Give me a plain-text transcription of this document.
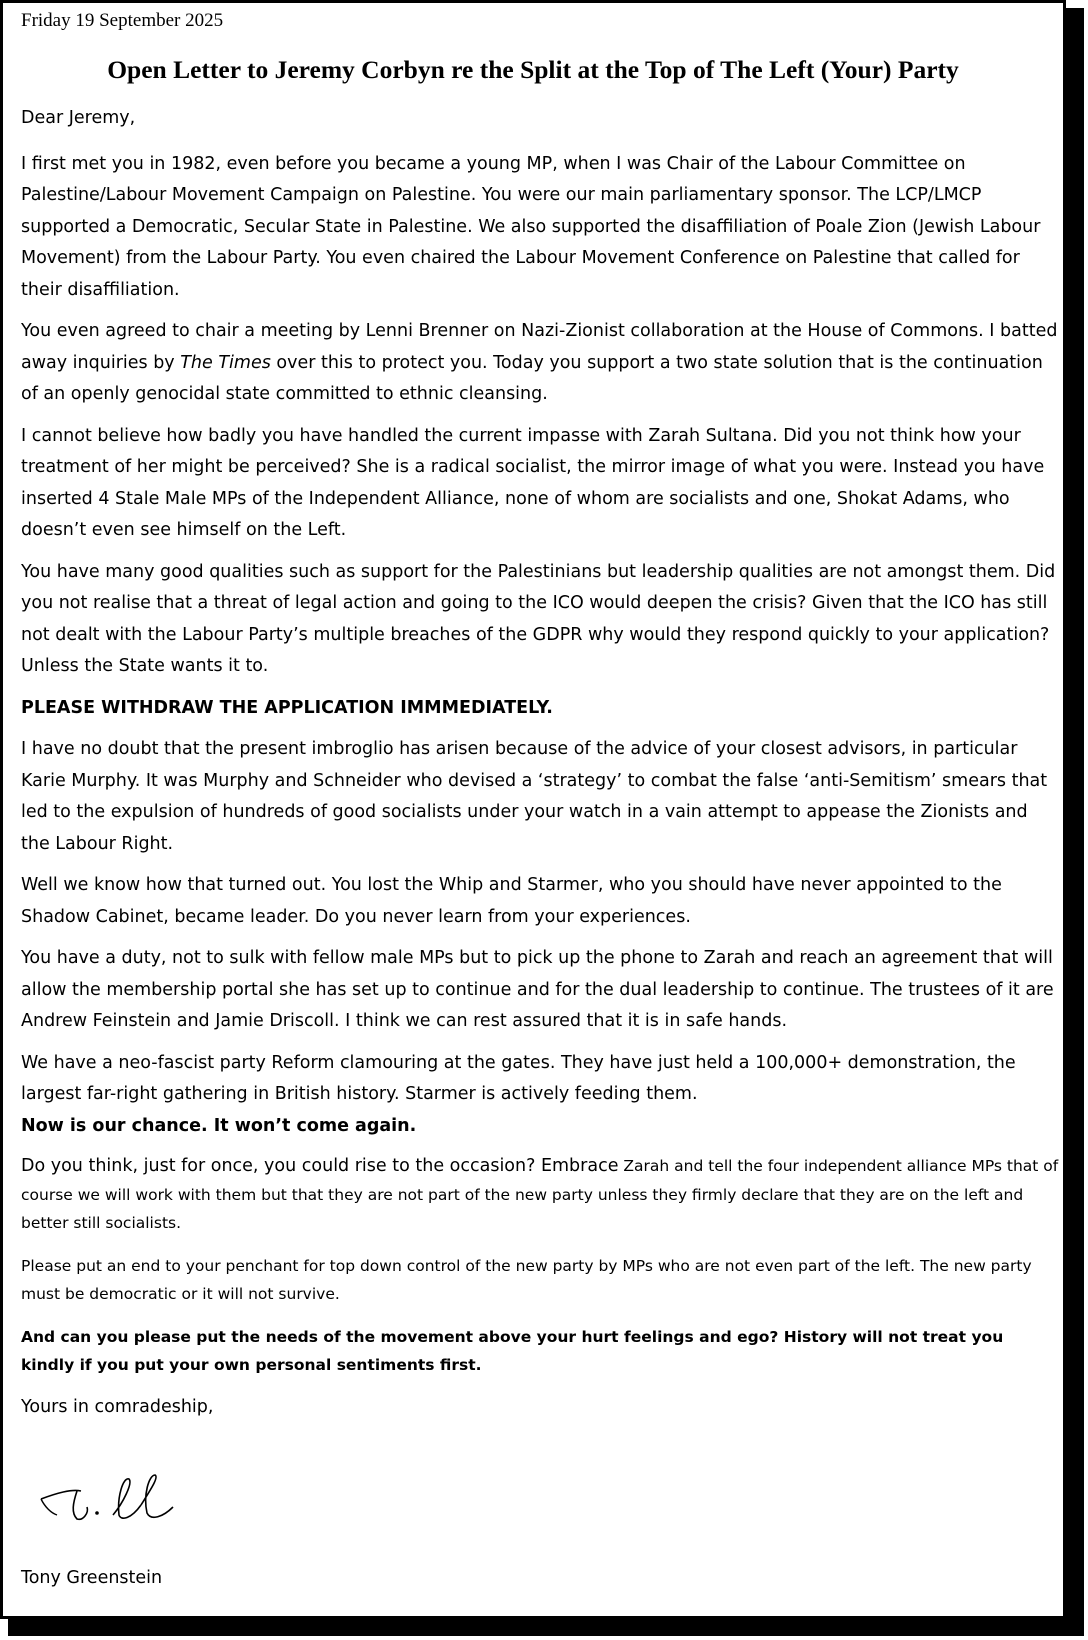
Friday 19 September 2025
Open Letter to Jeremy Corbyn re the Split at the Top of The Left (Your) Party

Dear Jeremy,

I first met you in 1982, even before you became a young MP, when I was Chair of the Labour Committee on Palestine/Labour Movement Campaign on Palestine. You were our main parliamentary sponsor. The LCP/LMCP supported a Democratic, Secular State in Palestine. We also supported the disaffiliation of Poale Zion (Jewish Labour Movement) from the Labour Party. You even chaired the Labour Movement Conference on Palestine that called for their disaffiliation.

You even agreed to chair a meeting by Lenni Brenner on Nazi-Zionist collaboration at the House of Commons. I batted away inquiries by The Times over this to protect you. Today you support a two state solution that is the continuation of an openly genocidal state committed to ethnic cleansing.

I cannot believe how badly you have handled the current impasse with Zarah Sultana. Did you not think how your treatment of her might be perceived? She is a radical socialist, the mirror image of what you were. Instead you have inserted 4 Stale Male MPs of the Independent Alliance, none of whom are socialists and one, Shokat Adams, who doesn’t even see himself on the Left.

You have many good qualities such as support for the Palestinians but leadership qualities are not amongst them. Did you not realise that a threat of legal action and going to the ICO would deepen the crisis? Given that the ICO has still not dealt with the Labour Party’s multiple breaches of the GDPR why would they respond quickly to your application? Unless the State wants it to.

PLEASE WITHDRAW THE APPLICATION IMMMEDIATELY.

I have no doubt that the present imbroglio has arisen because of the advice of your closest advisors, in particular Karie Murphy. It was Murphy and Schneider who devised a ‘strategy’ to combat the false ‘anti-Semitism’ smears that led to the expulsion of hundreds of good socialists under your watch in a vain attempt to appease the Zionists and the Labour Right.

Well we know how that turned out. You lost the Whip and Starmer, who you should have never appointed to the Shadow Cabinet, became leader. Do you never learn from your experiences.

You have a duty, not to sulk with fellow male MPs but to pick up the phone to Zarah and reach an agreement that will allow the membership portal she has set up to continue and for the dual leadership to continue. The trustees of it are Andrew Feinstein and Jamie Driscoll. I think we can rest assured that it is in safe hands.

We have a neo-fascist party Reform clamouring at the gates. They have just held a 100,000+ demonstration, the largest far-right gathering in British history. Starmer is actively feeding them.
Now is our chance. It won’t come again.

Do you think, just for once, you could rise to the occasion? Embrace Zarah and tell the four independent alliance MPs that of course we will work with them but that they are not part of the new party unless they firmly declare that they are on the left and better still socialists.

Please put an end to your penchant for top down control of the new party by MPs who are not even part of the left. The new party must be democratic or it will not survive.

And can you please put the needs of the movement above your hurt feelings and ego? History will not treat you kindly if you put your own personal sentiments first.

Yours in comradeship,

Tony Greenstein
